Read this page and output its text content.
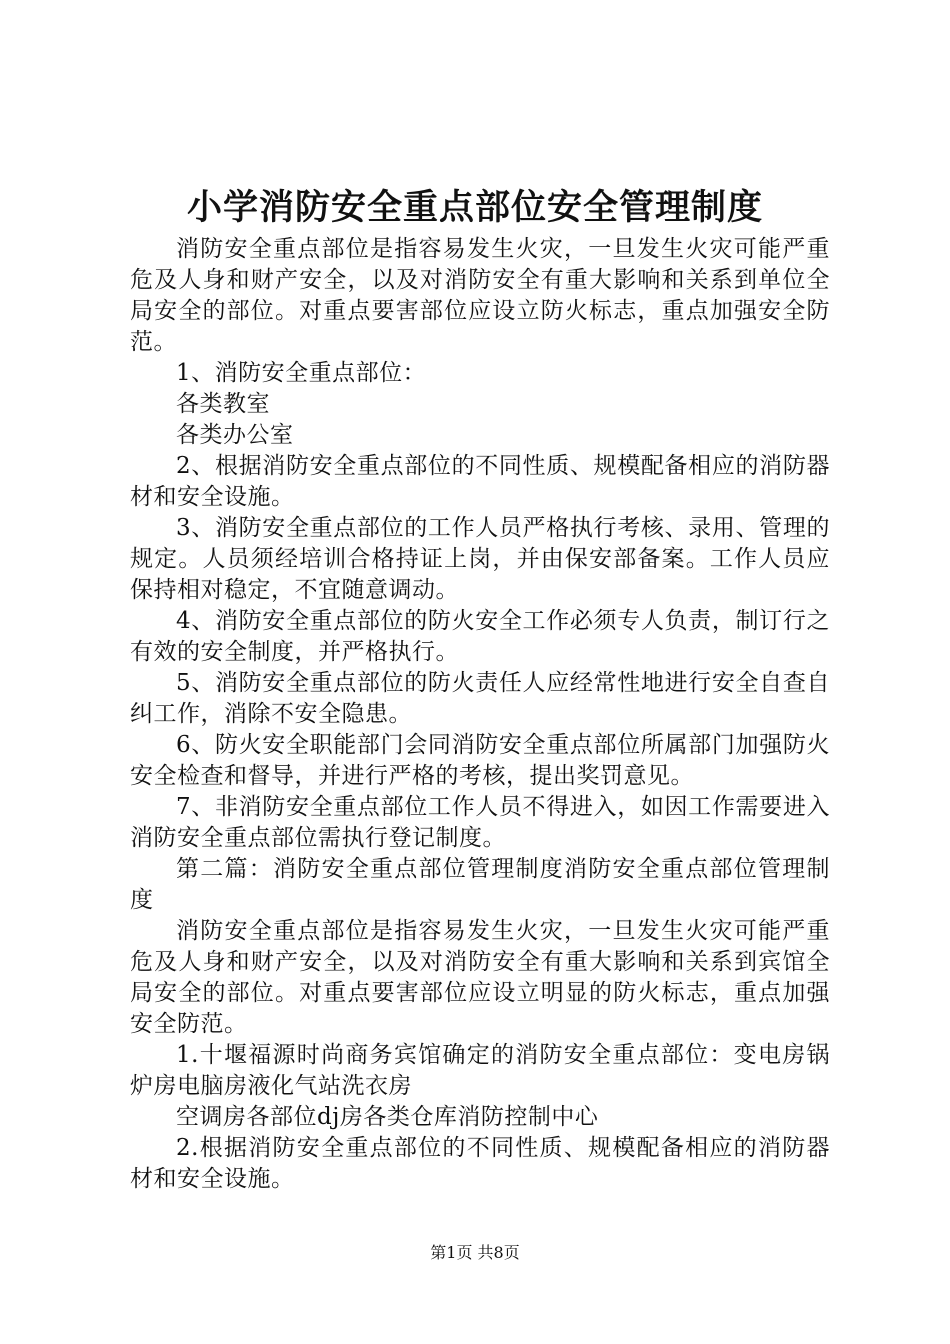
小学消防安全重点部位安全管理制度

消防安全重点部位是指容易发生火灾，一旦发生火灾可能严重危及人身和财产安全，以及对消防安全有重大影响和关系到单位全局安全的部位。对重点要害部位应设立防火标志，重点加强安全防范。

1、消防安全重点部位：

各类教室

各类办公室

2、根据消防安全重点部位的不同性质、规模配备相应的消防器材和安全设施。

3、消防安全重点部位的工作人员严格执行考核、录用、管理的规定。人员须经培训合格持证上岗，并由保安部备案。工作人员应保持相对稳定，不宜随意调动。

4、消防安全重点部位的防火安全工作必须专人负责，制订行之有效的安全制度，并严格执行。

5、消防安全重点部位的防火责任人应经常性地进行安全自查自纠工作，消除不安全隐患。

6、防火安全职能部门会同消防安全重点部位所属部门加强防火安全检查和督导，并进行严格的考核，提出奖罚意见。

7、非消防安全重点部位工作人员不得进入，如因工作需要进入消防安全重点部位需执行登记制度。

第二篇：消防安全重点部位管理制度消防安全重点部位管理制度

消防安全重点部位是指容易发生火灾，一旦发生火灾可能严重危及人身和财产安全，以及对消防安全有重大影响和关系到宾馆全局安全的部位。对重点要害部位应设立明显的防火标志，重点加强安全防范。

1.十堰福源时尚商务宾馆确定的消防安全重点部位：变电房锅炉房电脑房液化气站洗衣房

空调房各部位dj房各类仓库消防控制中心

2.根据消防安全重点部位的不同性质、规模配备相应的消防器材和安全设施。

第1页 共8页
